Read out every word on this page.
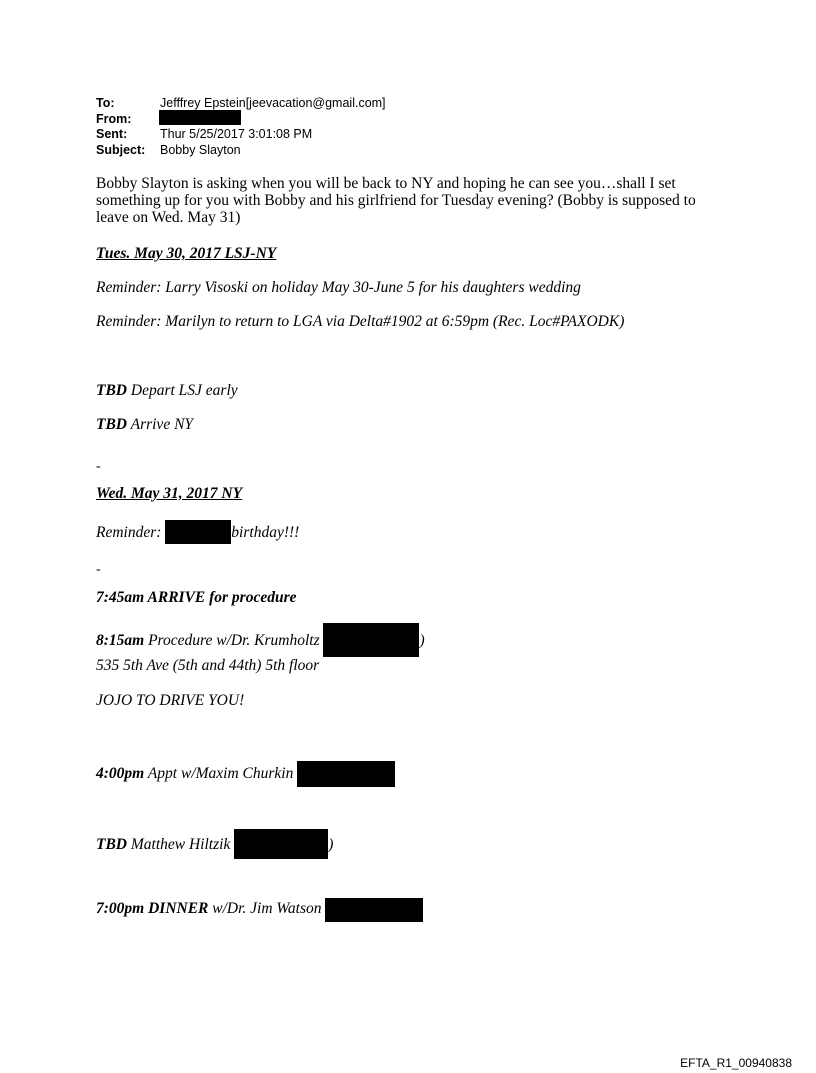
To:	Jefffrey Epstein[jeevacation@gmail.com]
From:
Sent:	Thur 5/25/2017 3:01:08 PM
Subject: Bobby Slayton
Bobby Slayton is asking when you will be back to NY and hoping he can see you…shall I set something up for you with Bobby and his girlfriend for Tuesday evening? (Bobby is supposed to leave on Wed. May 31)
Tues. May 30, 2017 LSJ-NY
Reminder: Larry Visoski on holiday May 30-June 5 for his daughters wedding
Reminder: Marilyn to return to LGA via Delta#1902 at 6:59pm (Rec. Loc#PAXODK)
TBD Depart LSJ early
TBD Arrive NY
-
Wed. May 31, 2017 NY
Reminder:	birthday!!!
-
7:45am ARRIVE for procedure
8:15am Procedure w/Dr. Krumholtz	)
535 5th Ave (5th and 44th) 5th floor
JOJO TO DRIVE YOU!
4:00pm Appt w/Maxim Churkin
TBD Matthew Hiltzik	)
7:00pm DINNER w/Dr. Jim Watson
EFTA_R1_00940838
